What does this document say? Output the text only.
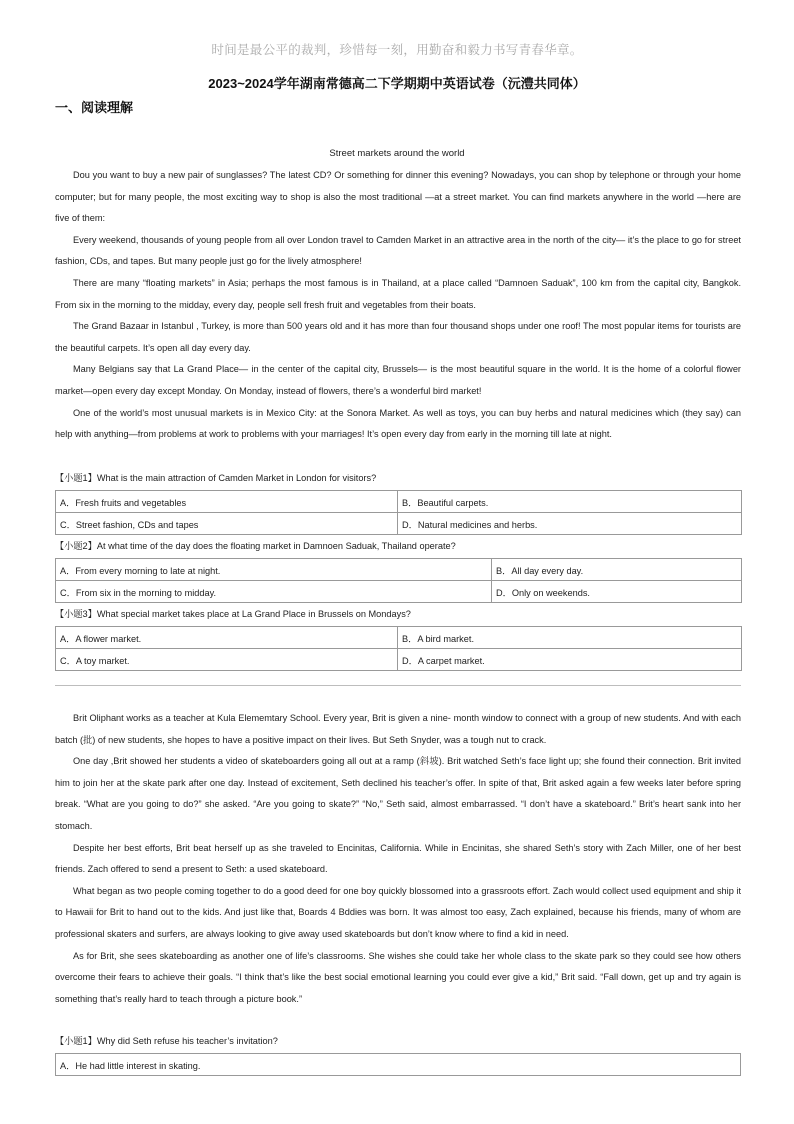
时间是最公平的裁判，珍惜每一刻，用勤奋和毅力书写青春华章。
2023~2024学年湖南常德高二下学期期中英语试卷（沅澧共同体）
一、阅读理解
Street markets around the world

Dou you want to buy a new pair of sunglasses? The latest CD? Or something for dinner this evening? Nowadays, you can shop by telephone or through your home computer; but for many people, the most exciting way to shop is also the most traditional —at a street market. You can find markets anywhere in the world —here are five of them:

Every weekend, thousands of young people from all over London travel to Camden Market in an attractive area in the north of the city— it’s the place to go for street fashion, CDs, and tapes. But many people just go for the lively atmosphere!

There are many “floating markets” in Asia; perhaps the most famous is in Thailand, at a place called “Damnoen Saduak”, 100 km from the capital city, Bangkok. From six in the morning to the midday, every day, people sell fresh fruit and vegetables from their boats.

The Grand Bazaar in Istanbul , Turkey, is more than 500 years old and it has more than four thousand shops under one roof! The most popular items for tourists are the beautiful carpets. It’s open all day every day.

Many Belgians say that La Grand Place— in the center of the capital city, Brussels— is the most beautiful square in the world. It is the home of a colorful flower market—open every day except Monday. On Monday, instead of flowers, there’s a wonderful bird market!

One of the world’s most unusual markets is in Mexico City: at the Sonora Market. As well as toys, you can buy herbs and natural medicines which (they say) can help with anything—from problems at work to problems with your marriages! It’s open every day from early in the morning till late at night.

【小题1】What is the main attraction of Camden Market in London for visitors?
A．Fresh fruits and vegetables	B．Beautiful carpets.
C．Street fashion, CDs and tapes	D．Natural medicines and herbs.
【小题2】At what time of the day does the floating market in Damnoen Saduak, Thailand operate?
A．From every morning to late at night.	B．All day every day.
C．From six in the morning to midday.	D．Only on weekends.
【小题3】What special market takes place at La Grand Place in Brussels on Mondays?
A．A flower market.	B．A bird market.
C．A toy market.	D．A carpet market.

Brit Oliphant works as a teacher at Kula Elememtary School. Every year, Brit is given a nine- month window to connect with a group of new students. And with each batch (批) of new students, she hopes to have a positive impact on their lives. But Seth Snyder, was a tough nut to crack.

One day ,Brit showed her students a video of skateboarders going all out at a ramp (斜坡). Brit watched Seth’s face light up; she found their connection. Brit invited him to join her at the skate park after one day. Instead of excitement, Seth declined his teacher’s offer. In spite of that, Brit asked again a few weeks later before spring break. “What are you going to do?” she asked. “Are you going to skate?” “No,” Seth said, almost embarrassed. “I don’t have a skateboard.” Brit’s heart sank into her stomach.

Despite her best efforts, Brit beat herself up as she traveled to Encinitas, California. While in Encinitas, she shared Seth’s story with Zach Miller, one of her best friends. Zach offered to send a present to Seth: a used skateboard.

What began as two people coming together to do a good deed for one boy quickly blossomed into a grassroots effort. Zach would collect used equipment and ship it to Hawaii for Brit to hand out to the kids. And just like that, Boards 4 Bddies was born. It was almost too easy, Zach explained, because his friends, many of whom are professional skaters and surfers, are always looking to give away used skateboards but don’t know where to find a kid in need.

As for Brit, she sees skateboarding as another one of life’s classrooms. She wishes she could take her whole class to the skate park so they could see how others overcome their fears to achieve their goals. “I think that’s like the best social emotional learning you could ever give a kid,” Brit said. “Fall down, get up and try again is something that’s really hard to teach through a picture book.”

【小题1】Why did Seth refuse his teacher’s invitation?
A．He had little interest in skating.
